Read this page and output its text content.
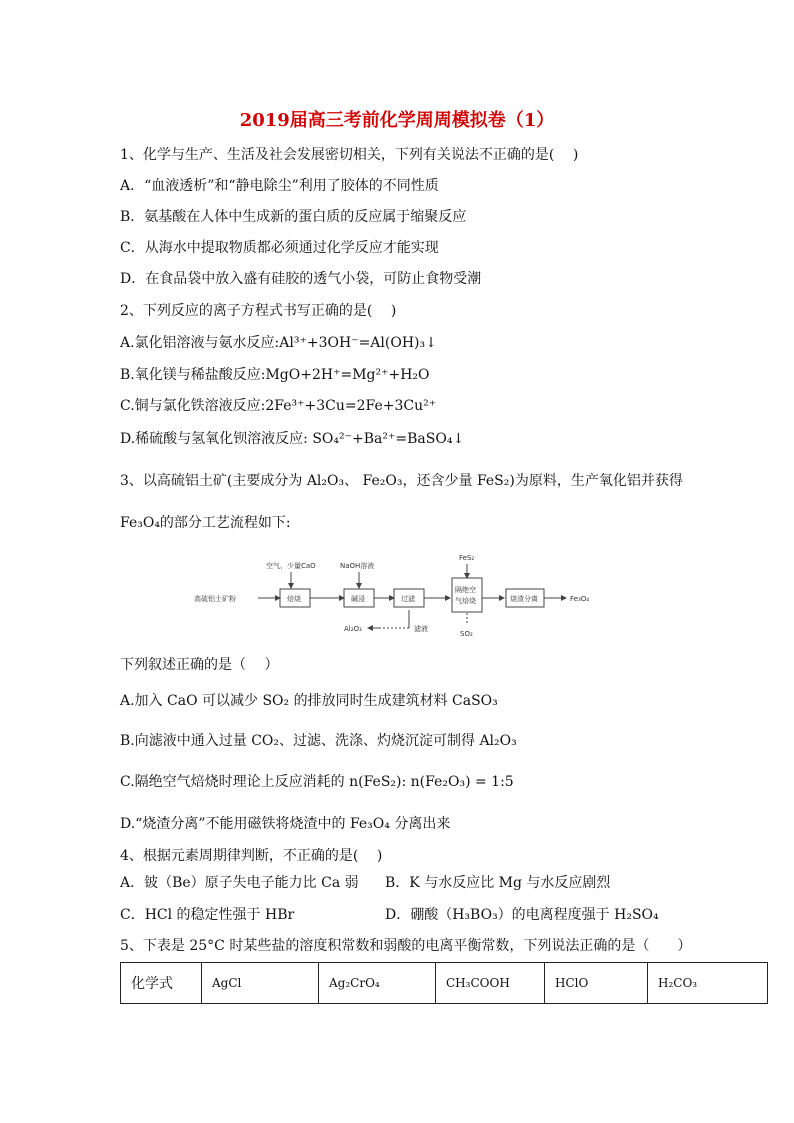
2019届高三考前化学周周模拟卷（1）
1、化学与生产、生活及社会发展密切相关，下列有关说法不正确的是(　 )
A．“血液透析”和“静电除尘”利用了胶体的不同性质
B．氨基酸在人体中生成新的蛋白质的反应属于缩聚反应
C．从海水中提取物质都必须通过化学反应才能实现
D．在食品袋中放入盛有硅胶的透气小袋，可防止食物受潮
2、下列反应的离子方程式书写正确的是(　 )
A.氯化铝溶液与氨水反应:Al³⁺+3OH⁻=Al(OH)₃↓
B.氧化镁与稀盐酸反应:MgO+2H⁺=Mg²⁺+H₂O
C.铜与氯化铁溶液反应:2Fe³⁺+3Cu=2Fe+3Cu²⁺
D.稀硫酸与氢氧化钡溶液反应: SO₄²⁻+Ba²⁺=BaSO₄↓
3、以高硫铝土矿(主要成分为 Al₂O₃、 Fe₂O₃，还含少量 FeS₂)为原料，生产氧化铝并获得
Fe₃O₄的部分工艺流程如下:
高硫铝土矿粉
空气、少量CaO
焙烧
NaOH溶液
碱浸	过滤
FeS₂
隔绝空
气焙烧
SO₂
烧渣分离	Fe₃O₄
Al₂O₃	滤液
下列叙述正确的是（　 ）
A.加入 CaO 可以减少 SO₂ 的排放同时生成建筑材料 CaSO₃
B.向滤液中通入过量 CO₂、过滤、洗涤、灼烧沉淀可制得 Al₂O₃
C.隔绝空气焙烧时理论上反应消耗的 n(FeS₂): n(Fe₂O₃) = 1:5
D.“烧渣分离”不能用磁铁将烧渣中的 Fe₃O₄ 分离出来
4、根据元素周期律判断，不正确的是(　 )
A．铍（Be）原子失电子能力比 Ca 弱 B．K 与水反应比 Mg 与水反应剧烈
C．HCl 的稳定性强于 HBr	D．硼酸（H₃BO₃）的电离程度强于 H₂SO₄
5、下表是 25°C 时某些盐的溶度积常数和弱酸的电离平衡常数，下列说法正确的是（　　）
化学式	AgCl	Ag₂CrO₄	CH₃COOH	HClO	H₂CO₃
